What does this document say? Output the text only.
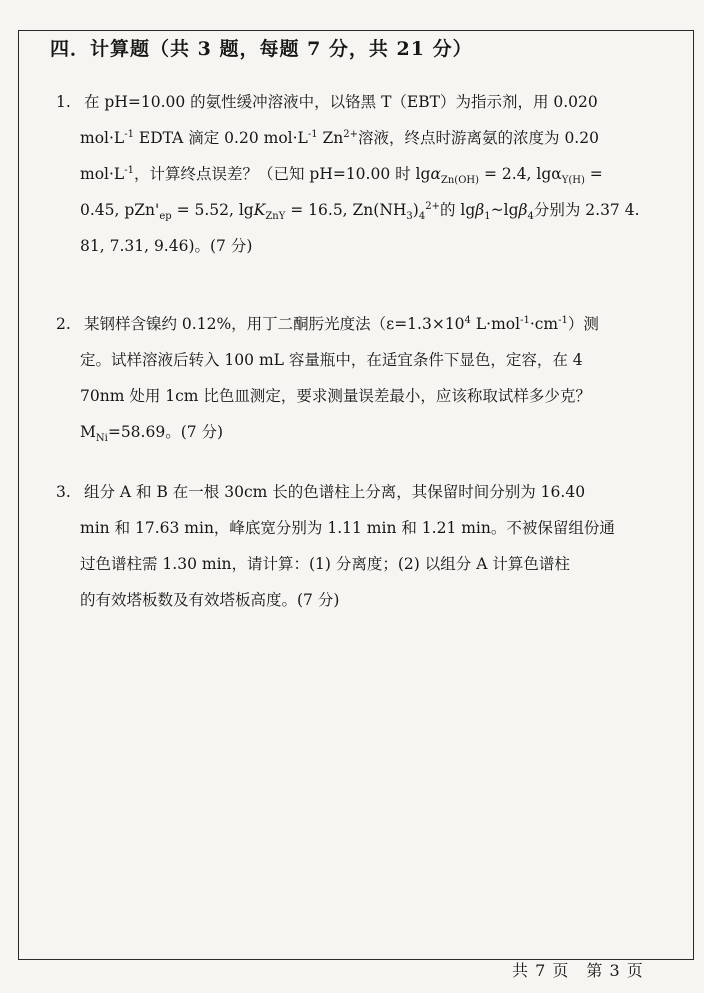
四．计算题（共 3 题，每题 7 分，共 21 分）
1. 在 pH=10.00 的氨性缓冲溶液中，以铬黑 T（EBT）为指示剂，用 0.020
$mol\cdot L^{-1}$ EDTA 滴定 0.20 $mol\cdot L^{-1}$ $Zn^{2+}$溶液，终点时游离氨的浓度为 0.20
$mol\cdot L^{-1}$，计算终点误差？（已知 pH=10.00 时 lgα$_{Zn(OH)}$ = 2.4, lgα$_{Y(H)}$ =
0.45, $pZn'_{ep} = 5.52$, lgK$_{ZnY}$ = 16.5, $Zn(NH_3)_4^{2+}$的 lgβ$_1$~lgβ$_4$分别为 2.37 4.
81, 7.31, 9.46)。(7 分)
2. 某钢样含镍约 0.12%，用丁二酮肟光度法（$\varepsilon=1.3\times 10^4$ $L\cdot mol^{-1}\cdot cm^{-1}$）测
定。试样溶液后转入 100 mL 容量瓶中，在适宜条件下显色，定容，在 4
70nm 处用 1cm 比色皿测定，要求测量误差最小，应该称取试样多少克？
$M_{Ni}=58.69$。(7 分)
3. 组分 A 和 B 在一根 30cm 长的色谱柱上分离，其保留时间分别为 16.40
min 和 17.63 min，峰底宽分别为 1.11 min 和 1.21 min。不被保留组份通
过色谱柱需 1.30 min，请计算：(1) 分离度；(2) 以组分 A 计算色谱柱
的有效塔板数及有效塔板高度。(7 分)
共 7 页　第 3 页
